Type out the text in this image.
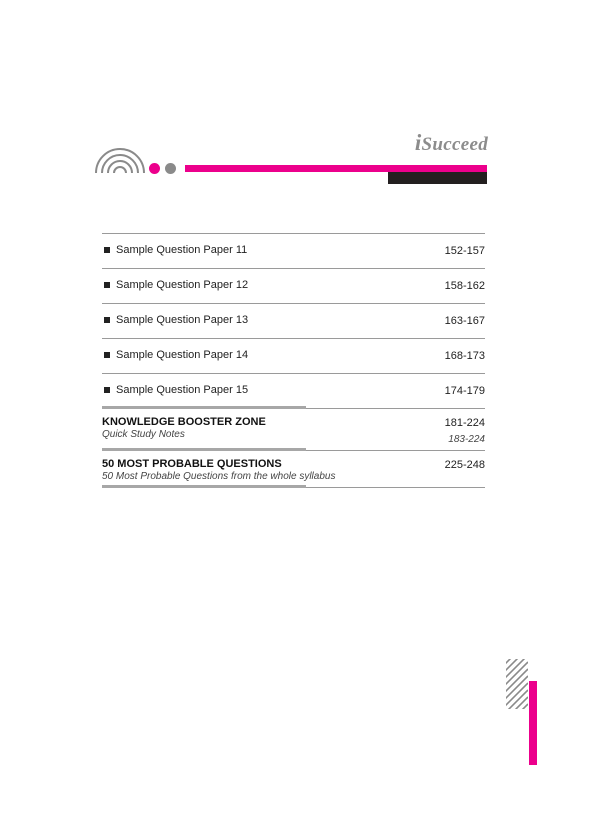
iSucceed
Sample Question Paper 11	152-157
Sample Question Paper 12	158-162
Sample Question Paper 13	163-167
Sample Question Paper 14	168-173
Sample Question Paper 15	174-179
KNOWLEDGE BOOSTER ZONE	181-224
Quick Study Notes	183-224
50 MOST PROBABLE QUESTIONS	225-248
50 Most Probable Questions from the whole syllabus
